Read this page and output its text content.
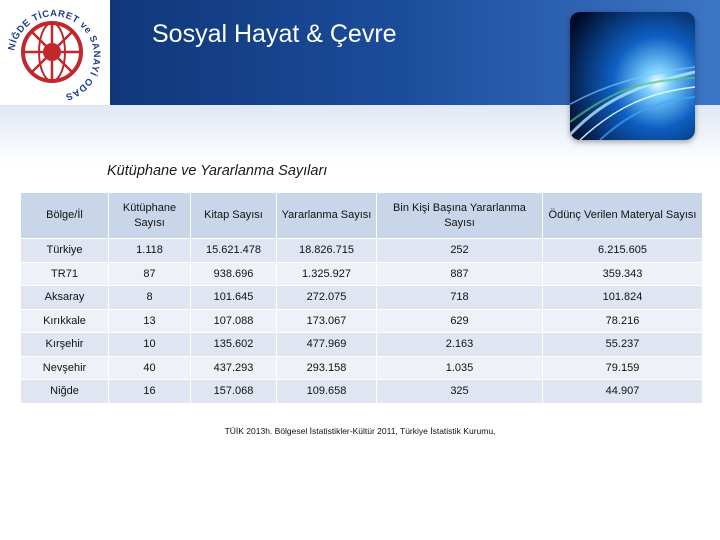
NİĞDE TİCARET ve SANAYİ ODAS
Sosyal Hayat & Çevre
Kütüphane ve Yararlanma Sayıları
Bölge/İl	Kütüphane Sayısı	Kitap Sayısı	Yararlanma Sayısı	Bin Kişi Başına Yararlanma Sayısı	Ödünç Verilen Materyal Sayısı
Türkiye	1.118	15.621.478	18.826.715	252	6.215.605
TR71	87	938.696	1.325.927	887	359.343
Aksaray	8	101.645	272.075	718	101.824
Kırıkkale	13	107.088	173.067	629	78.216
Kırşehir	10	135.602	477.969	2.163	55.237
Nevşehir	40	437.293	293.158	1.035	79.159
Niğde	16	157.068	109.658	325	44.907
TÜİK 2013h. Bölgesel İstatistikler-Kültür 2011, Türkiye İstatistik Kurumu,
